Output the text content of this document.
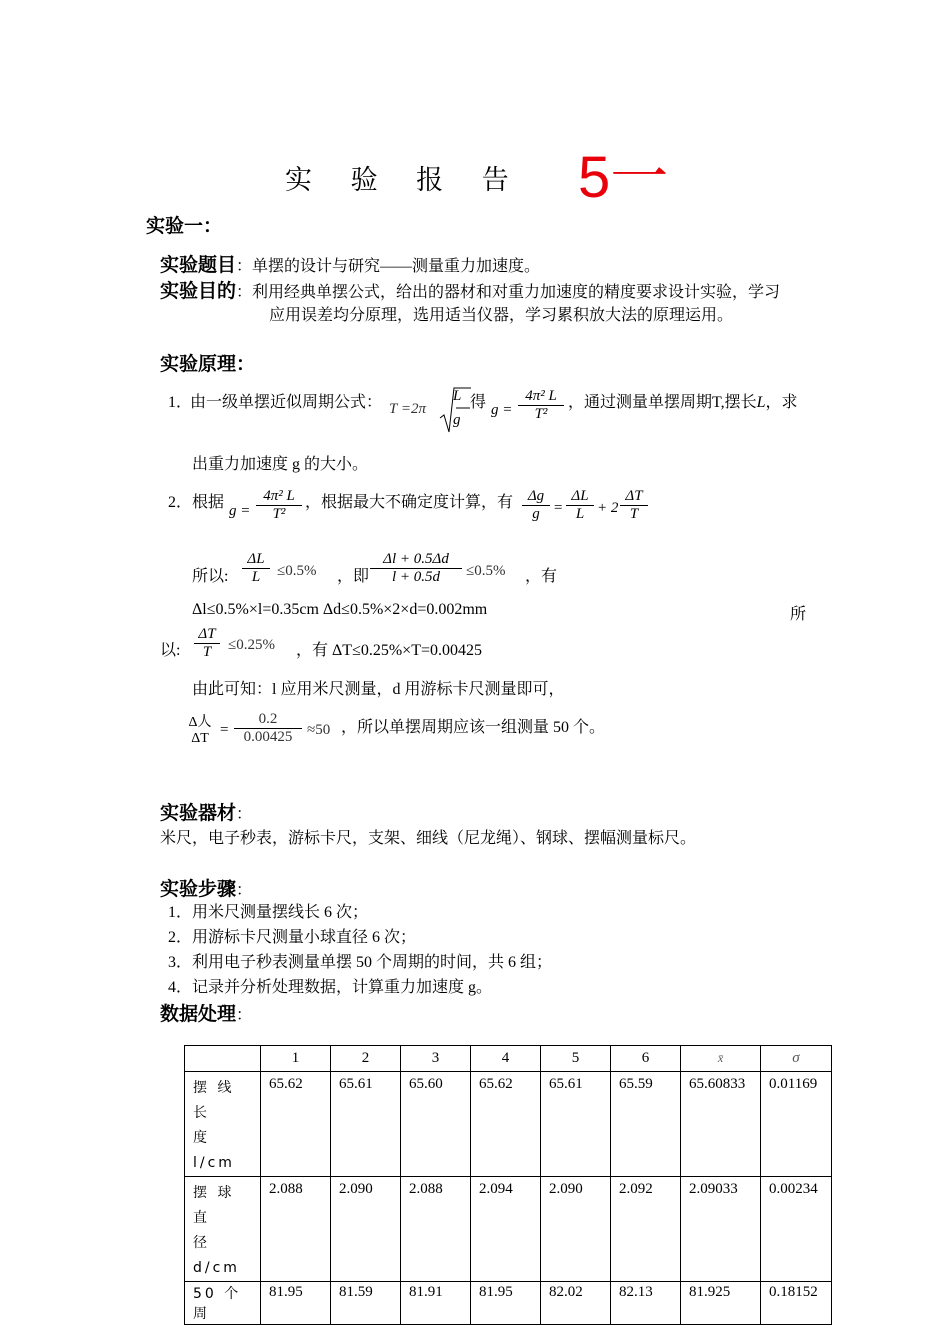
实 验 报 告 5一
实验一：
实验题目：单摆的设计与研究——测量重力加速度。
实验目的：利用经典单摆公式，给出的器材和对重力加速度的精度要求设计实验，学习
应用误差均分原理，选用适当仪器，学习累积放大法的原理运用。
实验原理：
1．
由一级单摆近似周期公式： T =2π
L
g
得 $g = \frac{\text{4π² L}}{\text{T²}}$ ，通过测量单摆周期T,摆长L，求
出重力加速度 g 的大小。
2． 根据 $g = \frac{\text{4π² L}}{\text{T²}}$ ，根据最大不确定度计算，有 $\frac{\Delta g}{g} = \frac{\Delta L}{L} + 2 \frac{\Delta T}{T}$
所以: $\frac{\Delta L}{L} \le 0.5\%$ ，即 $\frac{\Delta l + 0.5\Delta d}{l + 0.5d} \le 0.5\%$ ，有
Δl≤0.5%×l=0.35cm Δd≤0.5%×2×d=0.002mm	所
以: $\frac{\Delta T}{T} \le 0.25\%$ ，有 ΔT≤0.25%×T=0.00425
由此可知：l 应用米尺测量，d 用游标卡尺测量即可，
Δ人
ΔT
= $\frac{0.2}{0.00425} \approx 50$ ，所以单摆周期应该一组测量 50 个。
实验器材：
米尺，电子秒表，游标卡尺，支架、细线（尼龙绳）、钢球、摆幅测量标尺。
实验步骤：
1．用米尺测量摆线长 6 次；
2．用游标卡尺测量小球直径 6 次；
3．利用电子秒表测量单摆 50 个周期的时间，共 6 组；
4．记录并分析处理数据，计算重力加速度 g。
数据处理：
	1	2	3	4	5	6	x̄	σ

摆 线 长
度 l/cm	65.62	65.61	65.60	65.62	65.61	65.59	65.60833	0.01169

摆 球 直
径 d/cm	2.088	2.090	2.088	2.094	2.090	2.092	2.09033	0.00234

50 个周	81.95	81.59	81.91	81.95	82.02	82.13	81.925	0.18152
